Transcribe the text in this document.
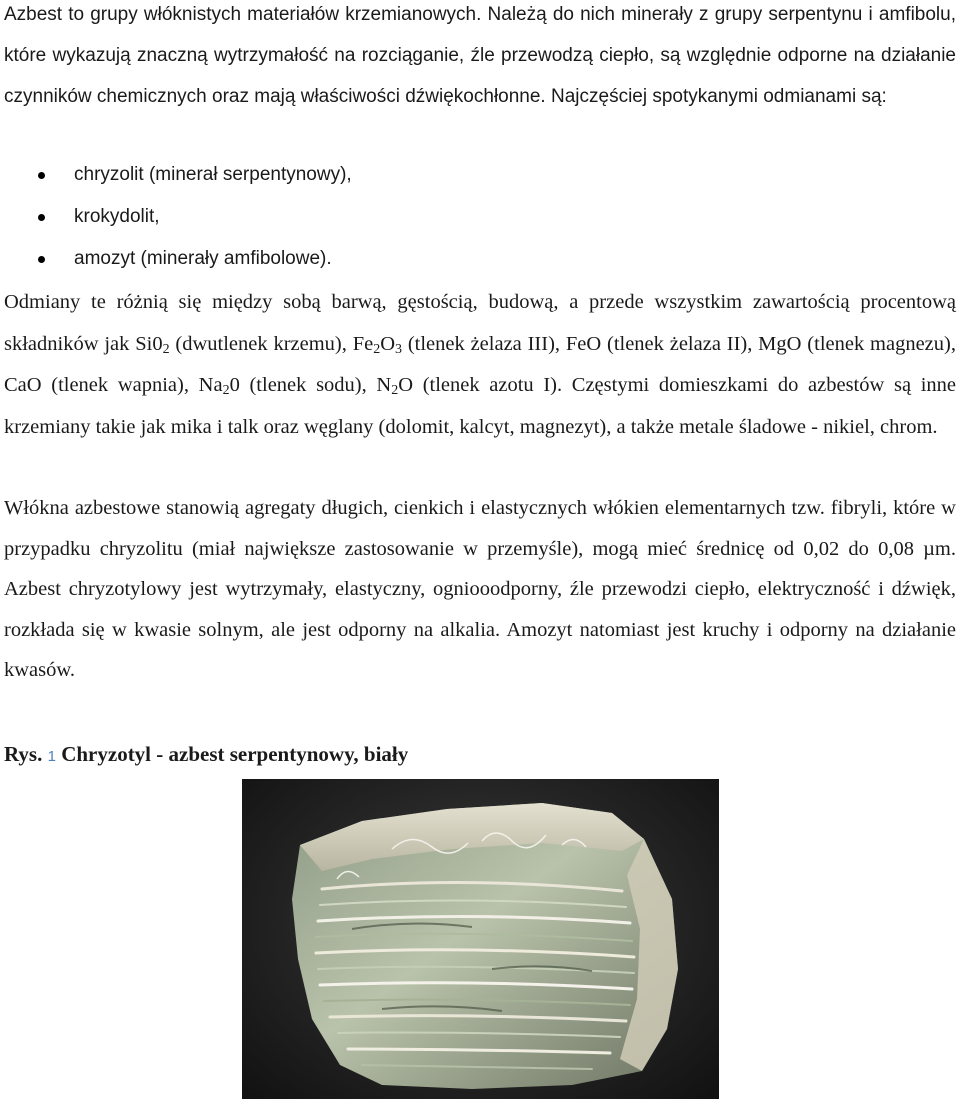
Azbest to grupy włóknistych materiałów krzemianowych. Należą do nich minerały z grupy serpentynu i amfibolu, które wykazują znaczną wytrzymałość na rozciąganie, źle przewodzą ciepło, są względnie odporne na działanie czynników chemicznych oraz mają właściwości dźwiękochłonne. Najczęściej spotykanymi odmianami są:

chryzolit (minerał serpentynowy),
krokydolit,
amozyt (minerały amfibolowe).

Odmiany te różnią się między sobą barwą, gęstością, budową, a przede wszystkim zawartością procentową składników jak $Si0_2$ (dwutlenek krzemu), $Fe_2O_3$ (tlenek żelaza III), FeO (tlenek żelaza II), MgO (tlenek magnezu), CaO (tlenek wapnia), $Na_20$ (tlenek sodu), $N_2O$ (tlenek azotu I). Częstymi domieszkami do azbestów są inne krzemiany takie jak mika i talk oraz węglany (dolomit, kalcyt, magnezyt), a także metale śladowe - nikiel, chrom.

Włókna azbestowe stanowią agregaty długich, cienkich i elastycznych włókien elementarnych tzw. fibryli, które w przypadku chryzolitu (miał największe zastosowanie w przemyśle), mogą mieć średnicę od 0,02 do 0,08 µm. Azbest chryzotylowy jest wytrzymały, elastyczny, ogniooodporny, źle przewodzi ciepło, elektryczność i dźwięk, rozkłada się w kwasie solnym, ale jest odporny na alkalia. Amozyt natomiast jest kruchy i odporny na działanie kwasów.

Rys. 1 Chryzotyl - azbest serpentynowy, biały
